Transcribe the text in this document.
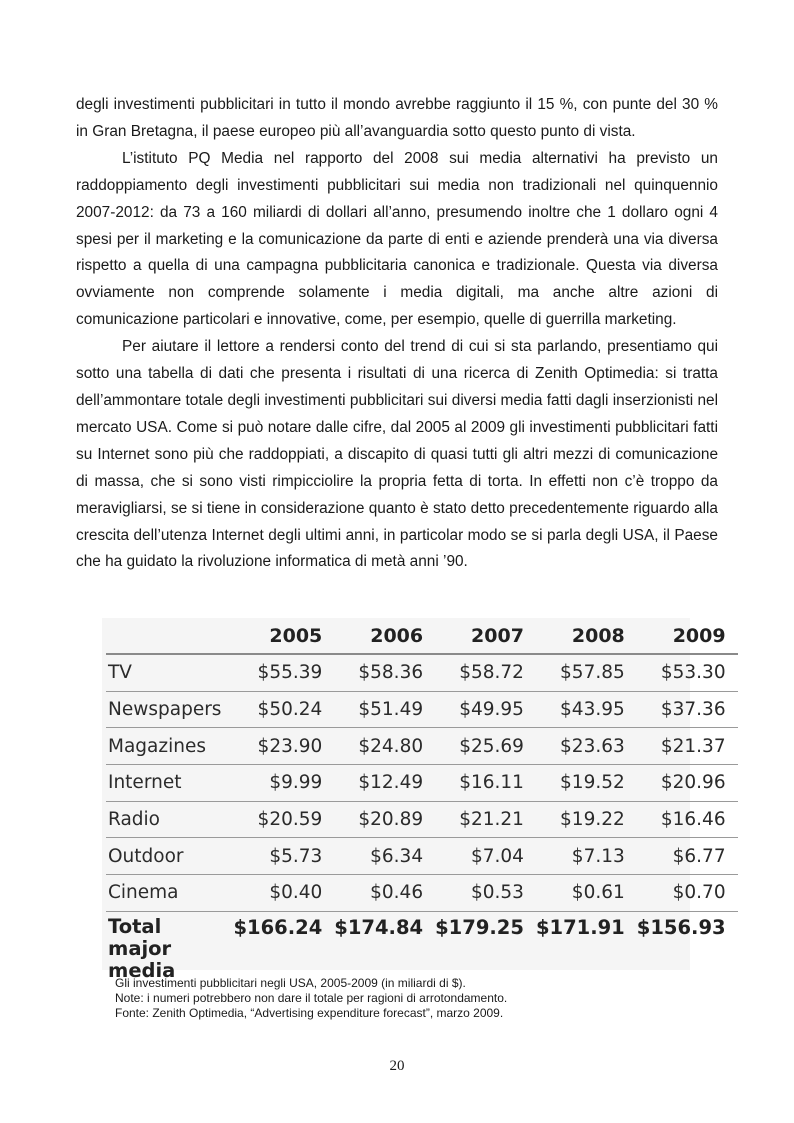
degli investimenti pubblicitari in tutto il mondo avrebbe raggiunto il 15 %, con punte del 30 % in Gran Bretagna, il paese europeo più all’avanguardia sotto questo punto di vista.

L’istituto PQ Media nel rapporto del 2008 sui media alternativi ha previsto un raddoppiamento degli investimenti pubblicitari sui media non tradizionali nel quinquennio 2007-2012: da 73 a 160 miliardi di dollari all’anno, presumendo inoltre che 1 dollaro ogni 4 spesi per il marketing e la comunicazione da parte di enti e aziende prenderà una via diversa rispetto a quella di una campagna pubblicitaria canonica e tradizionale. Questa via diversa ovviamente non comprende solamente i media digitali, ma anche altre azioni di comunicazione particolari e innovative, come, per esempio, quelle di guerrilla marketing.

Per aiutare il lettore a rendersi conto del trend di cui si sta parlando, presentiamo qui sotto una tabella di dati che presenta i risultati di una ricerca di Zenith Optimedia: si tratta dell’ammontare totale degli investimenti pubblicitari sui diversi media fatti dagli inserzionisti nel mercato USA. Come si può notare dalle cifre, dal 2005 al 2009 gli investimenti pubblicitari fatti su Internet sono più che raddoppiati, a discapito di quasi tutti gli altri mezzi di comunicazione di massa, che si sono visti rimpicciolire la propria fetta di torta. In effetti non c’è troppo da meravigliarsi, se si tiene in considerazione quanto è stato detto precedentemente riguardo alla crescita dell’utenza Internet degli ultimi anni, in particolar modo se si parla degli USA, il Paese che ha guidato la rivoluzione informatica di metà anni ’90.

	2005	2006	2007	2008	2009
TV	$55.39	$58.36	$58.72	$57.85	$53.30
Newspapers	$50.24	$51.49	$49.95	$43.95	$37.36
Magazines	$23.90	$24.80	$25.69	$23.63	$21.37
Internet	$9.99	$12.49	$16.11	$19.52	$20.96
Radio	$20.59	$20.89	$21.21	$19.22	$16.46
Outdoor	$5.73	$6.34	$7.04	$7.13	$6.77
Cinema	$0.40	$0.46	$0.53	$0.61	$0.70
Total major
media	$166.24	$174.84	$179.25	$171.91	$156.93
Gli investimenti pubblicitari negli USA, 2005-2009 (in miliardi di $).
Note: i numeri potrebbero non dare il totale per ragioni di arrotondamento.
Fonte: Zenith Optimedia, “Advertising expenditure forecast”, marzo 2009.
20
